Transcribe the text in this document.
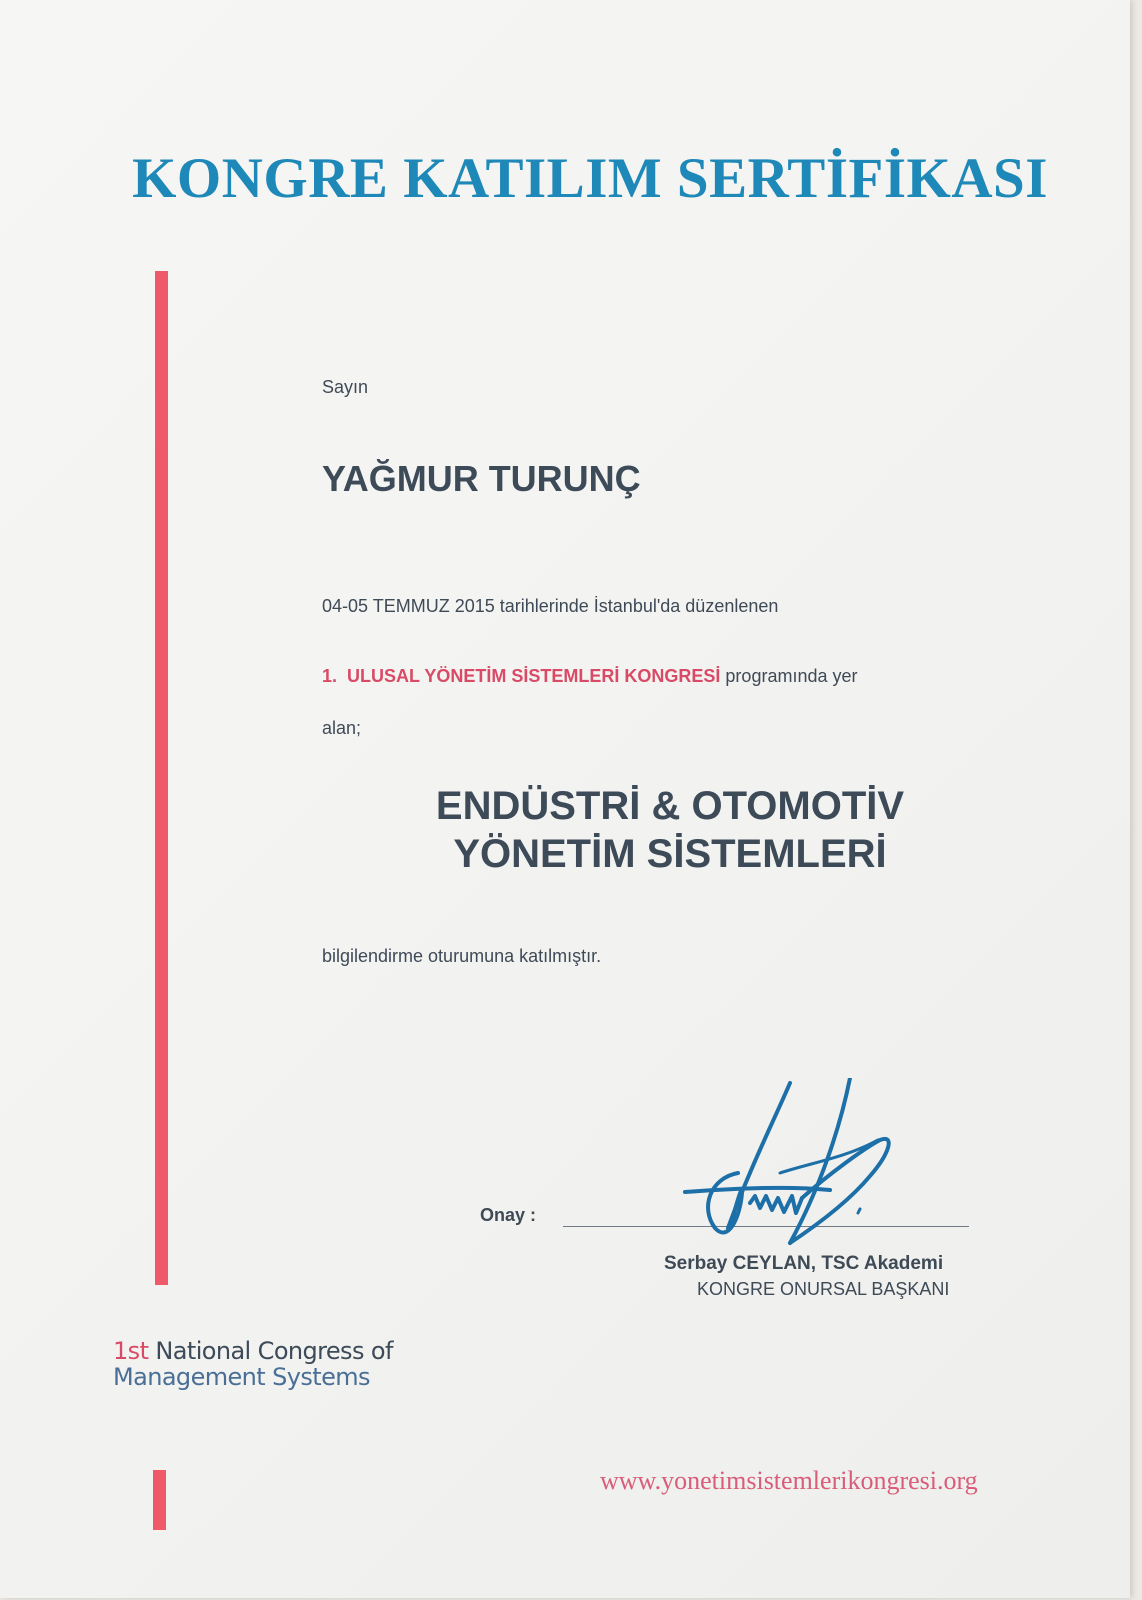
KONGRE KATILIM SERTİFİKASI

Sayın

YAĞMUR TURUNÇ

04-05 TEMMUZ 2015 tarihlerinde İstanbul'da düzenlenen

1. ULUSAL YÖNETİM SİSTEMLERİ KONGRESİ programında yer

alan;

ENDÜSTRİ & OTOMOTİV
YÖNETİM SİSTEMLERİ

bilgilendirme oturumuna katılmıştır.

Onay :

Serbay CEYLAN, TSC Akademi

KONGRE ONURSAL BAŞKANI

1st National Congress of
Management Systems
www.yonetimsistemlerikongresi.org
